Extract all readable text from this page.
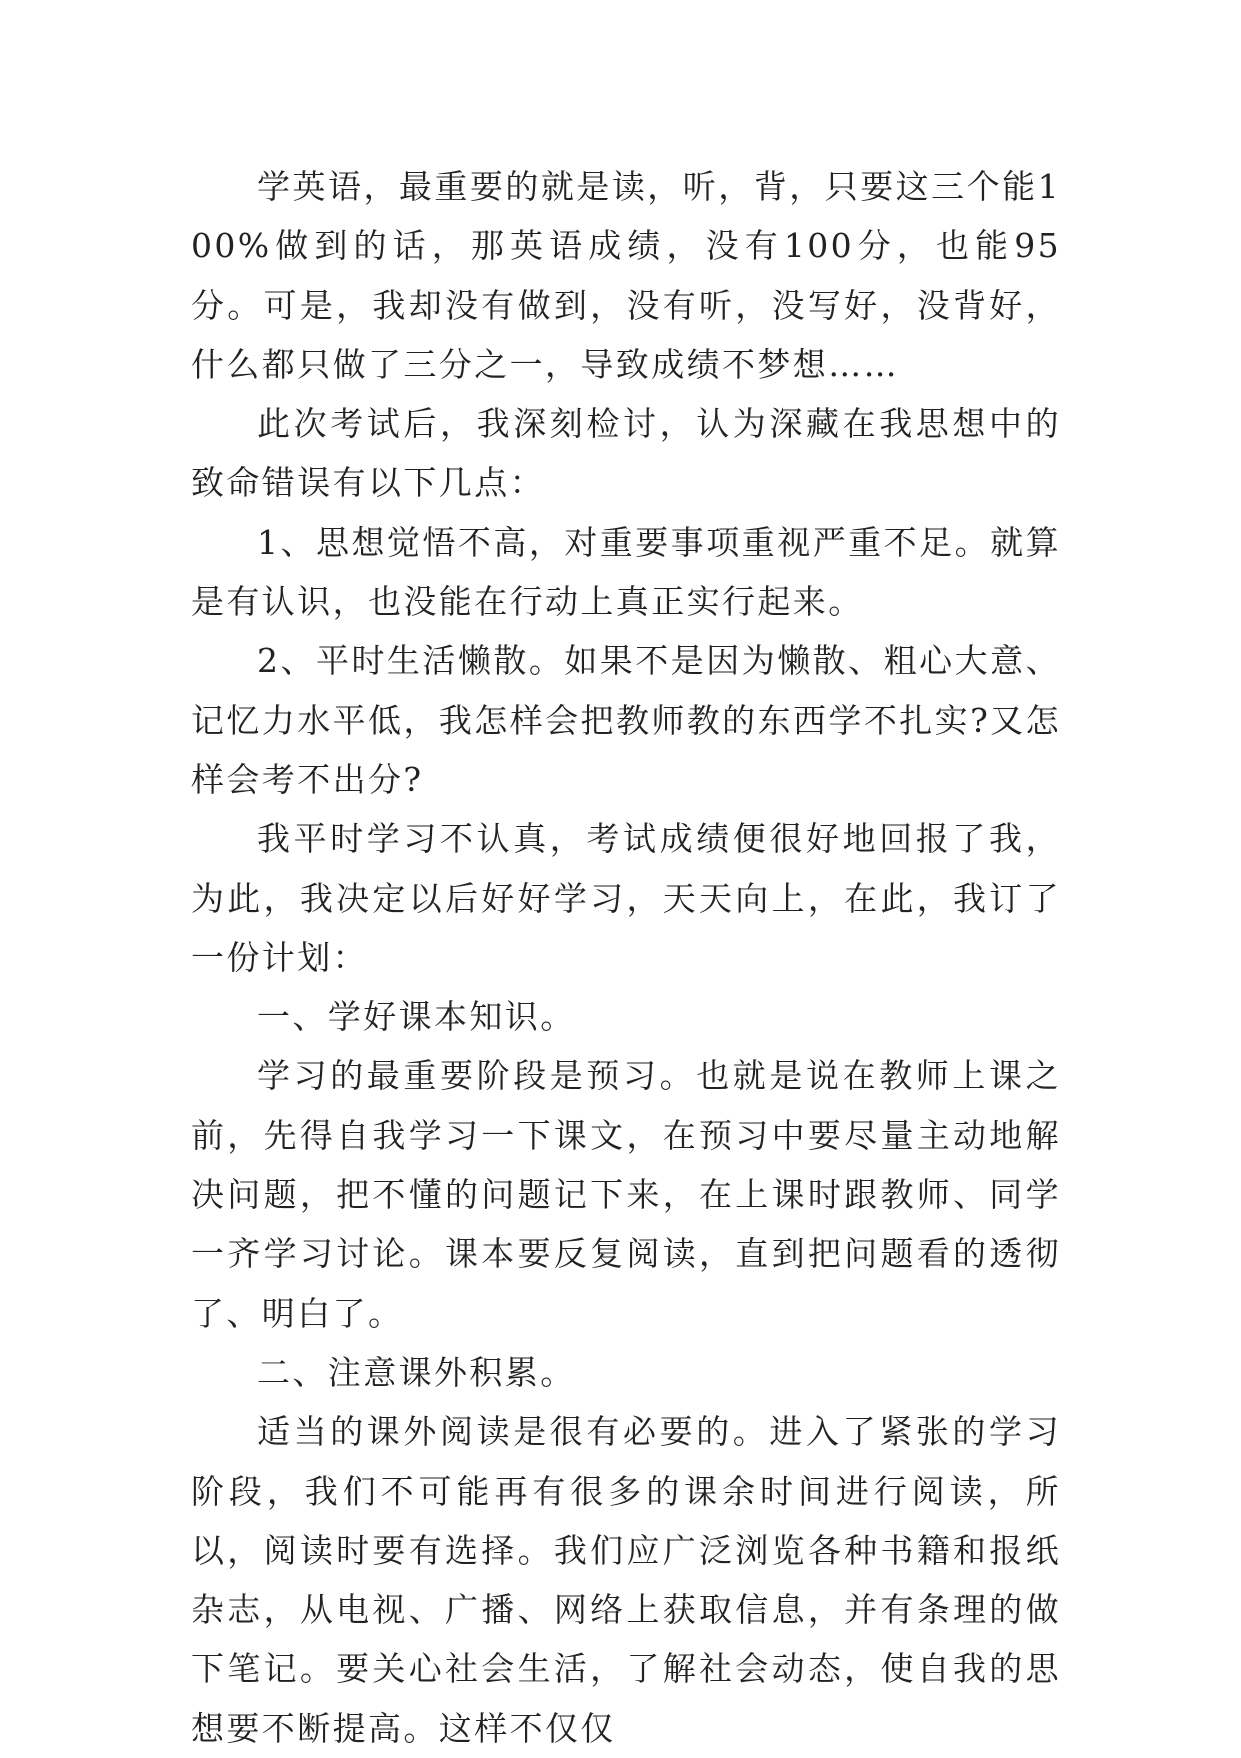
学英语，最重要的就是读，听，背，只要这三个能100%做到的话，那英语成绩，没有100分，也能95分。可是，我却没有做到，没有听，没写好，没背好，什么都只做了三分之一，导致成绩不梦想……

此次考试后，我深刻检讨，认为深藏在我思想中的致命错误有以下几点：

1、思想觉悟不高，对重要事项重视严重不足。就算是有认识，也没能在行动上真正实行起来。

2、平时生活懒散。如果不是因为懒散、粗心大意、记忆力水平低，我怎样会把教师教的东西学不扎实?又怎样会考不出分?

我平时学习不认真，考试成绩便很好地回报了我，为此，我决定以后好好学习，天天向上，在此，我订了一份计划：

一、学好课本知识。

学习的最重要阶段是预习。也就是说在教师上课之前，先得自我学习一下课文，在预习中要尽量主动地解决问题，把不懂的问题记下来，在上课时跟教师、同学一齐学习讨论。课本要反复阅读，直到把问题看的透彻了、明白了。

二、注意课外积累。

适当的课外阅读是很有必要的。进入了紧张的学习阶段，我们不可能再有很多的课余时间进行阅读，所以，阅读时要有选择。我们应广泛浏览各种书籍和报纸杂志，从电视、广播、网络上获取信息，并有条理的做下笔记。要关心社会生活，了解社会动态，使自我的思想要不断提高。这样不仅仅
